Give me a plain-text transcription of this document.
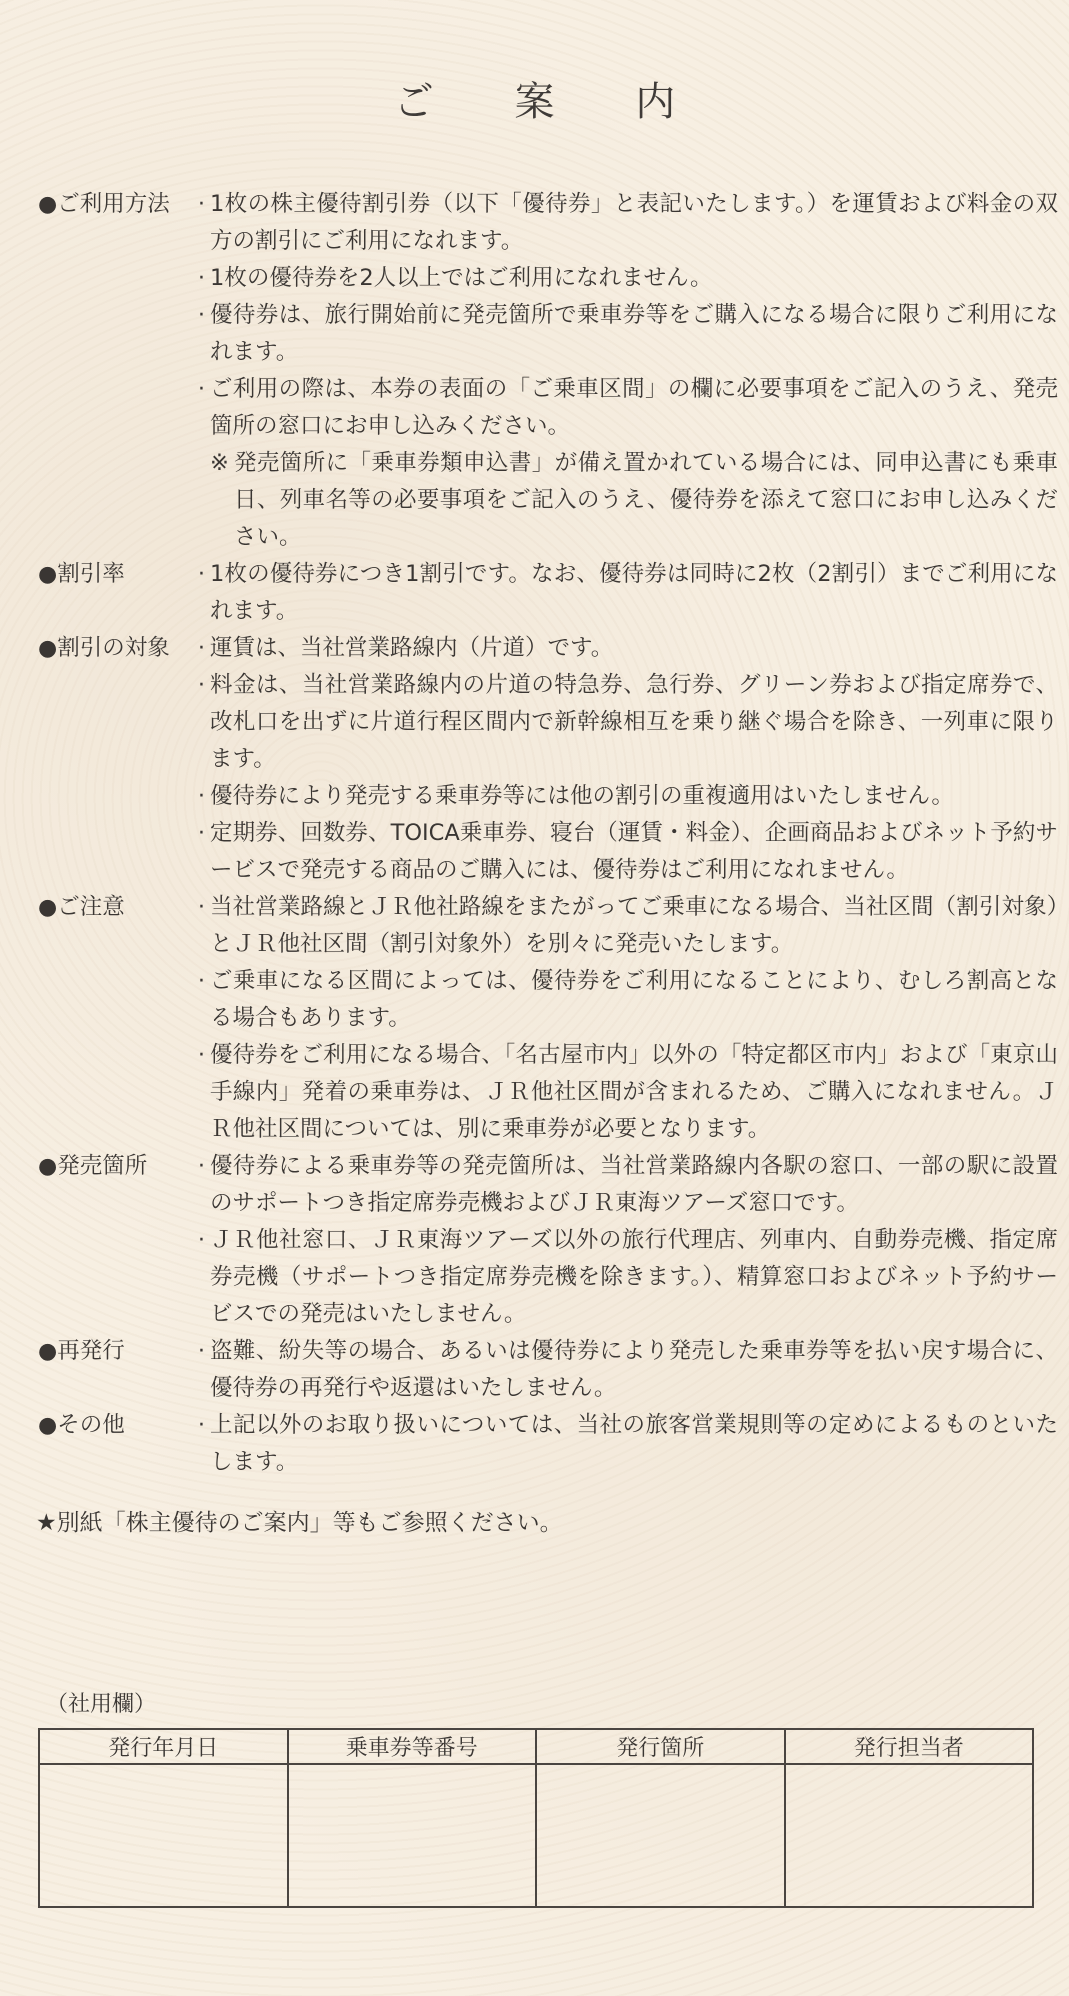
ご 案 内
●ご利用方法	· 1枚の株主優待割引券（以下「優待券」と表記いたします。）を運賃および料金の双方の割引にご利用になれます。
· 1枚の優待券を2人以上ではご利用になれません。
· 優待券は、旅行開始前に発売箇所で乗車券等をご購入になる場合に限りご利用になれます。
· ご利用の際は、本券の表面の「ご乗車区間」の欄に必要事項をご記入のうえ、発売箇所の窓口にお申し込みください。
※ 発売箇所に「乗車券類申込書」が備え置かれている場合には、同申込書にも乗車日、列車名等の必要事項をご記入のうえ、優待券を添えて窓口にお申し込みください。
●割引率	· 1枚の優待券につき1割引です。なお、優待券は同時に2枚（2割引）までご利用になれます。
●割引の対象	· 運賃は、当社営業路線内（片道）です。
· 料金は、当社営業路線内の片道の特急券、急行券、グリーン券および指定席券で、改札口を出ずに片道行程区間内で新幹線相互を乗り継ぐ場合を除き、一列車に限ります。
· 優待券により発売する乗車券等には他の割引の重複適用はいたしません。
· 定期券、回数券、TOICA乗車券、寝台（運賃・料金）、企画商品およびネット予約サービスで発売する商品のご購入には、優待券はご利用になれません。
●ご注意	· 当社営業路線とＪＲ他社路線をまたがってご乗車になる場合、当社区間（割引対象）とＪＲ他社区間（割引対象外）を別々に発売いたします。
· ご乗車になる区間によっては、優待券をご利用になることにより、むしろ割高となる場合もあります。
· 優待券をご利用になる場合、「名古屋市内」以外の「特定都区市内」および「東京山手線内」発着の乗車券は、ＪＲ他社区間が含まれるため、ご購入になれません。ＪＲ他社区間については、別に乗車券が必要となります。
●発売箇所	· 優待券による乗車券等の発売箇所は、当社営業路線内各駅の窓口、一部の駅に設置のサポートつき指定席券売機およびＪＲ東海ツアーズ窓口です。
· ＪＲ他社窓口、ＪＲ東海ツアーズ以外の旅行代理店、列車内、自動券売機、指定席券売機（サポートつき指定席券売機を除きます。）、精算窓口およびネット予約サービスでの発売はいたしません。
●再発行	· 盗難、紛失等の場合、あるいは優待券により発売した乗車券等を払い戻す場合に、優待券の再発行や返還はいたしません。
●その他	· 上記以外のお取り扱いについては、当社の旅客営業規則等の定めによるものといたします。

★別紙「株主優待のご案内」等もご参照ください。

（社用欄）

発行年月日	乗車券等番号	発行箇所	発行担当者
